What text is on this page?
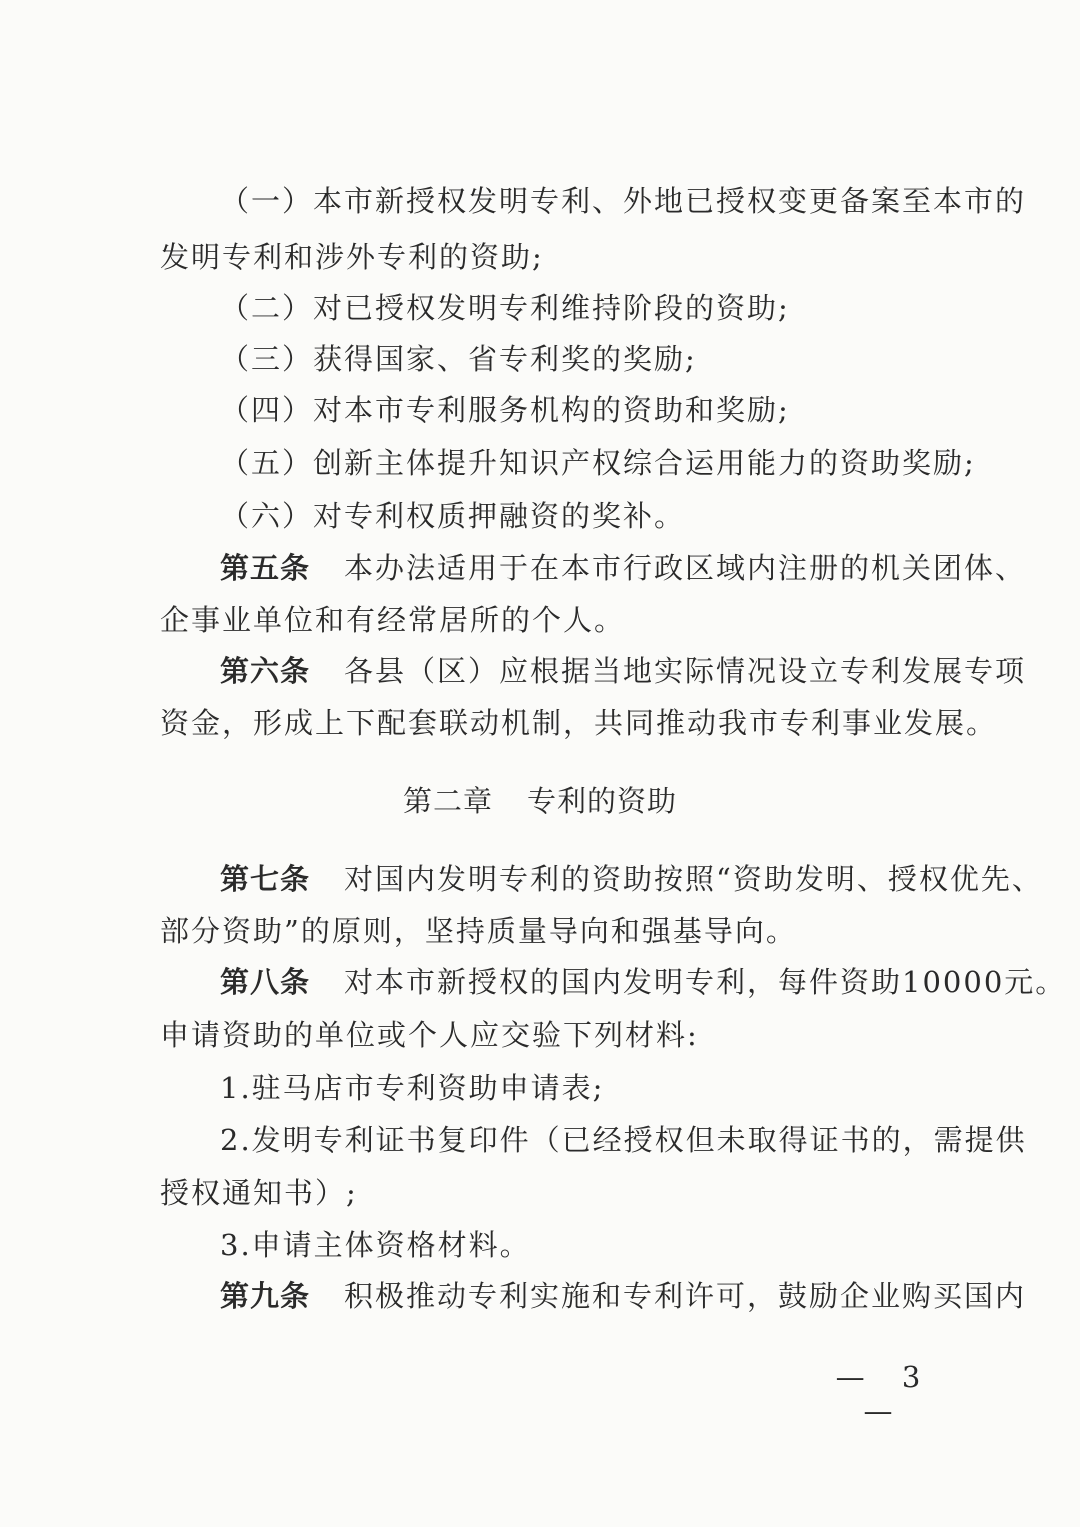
（一）本市新授权发明专利、外地已授权变更备案至本市的
发明专利和涉外专利的资助;
（二）对已授权发明专利维持阶段的资助;
（三）获得国家、省专利奖的奖励;
（四）对本市专利服务机构的资助和奖励;
（五）创新主体提升知识产权综合运用能力的资助奖励;
（六）对专利权质押融资的奖补。
第五条 本办法适用于在本市行政区域内注册的机关团体、
企事业单位和有经常居所的个人。
第六条 各县（区）应根据当地实际情况设立专利发展专项
资金，形成上下配套联动机制，共同推动我市专利事业发展。
第二章 专利的资助
第七条 对国内发明专利的资助按照“资助发明、授权优先、
部分资助”的原则，坚持质量导向和强基导向。
第八条 对本市新授权的国内发明专利，每件资助10000元。
申请资助的单位或个人应交验下列材料:
1.驻马店市专利资助申请表;
2.发明专利证书复印件（已经授权但未取得证书的，需提供
授权通知书）;
3.申请主体资格材料。
第九条 积极推动专利实施和专利许可，鼓励企业购买国内
— 3 —
